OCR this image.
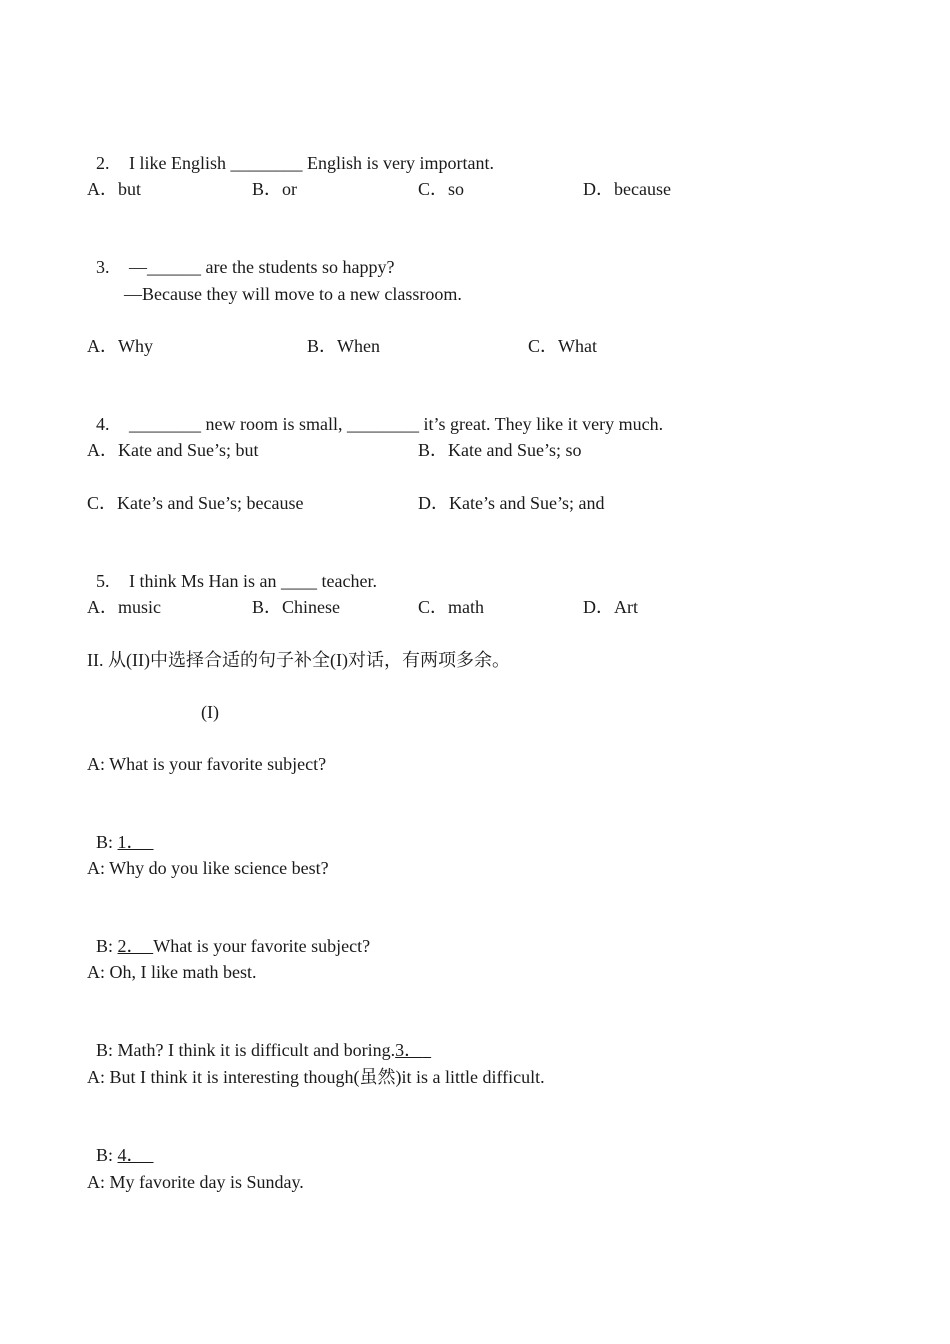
2. I like English ________ English is very important.

A．but	B．or	C．so	D．because

3. —______ are the students so happy?

—Because they will move to a new classroom.
A．Why	B．When	C．What

4. ________ new room is small, ________ it’s great. They like it very much.

A．Kate and Sue’s; but	B．Kate and Sue’s; so
C．Kate’s and Sue’s; because	D．Kate’s and Sue’s; and

5. I think Ms Han is an ____ teacher.

A．music	B．Chinese	C．math	D．Art
II. 从(II)中选择合适的句子补全(I)对话，有两项多余。
(I)
A: What is your favorite subject?

B: 1．

A: Why do you like science best?

B: 2． What is your favorite subject?

A: Oh, I like math best.

B: Math? I think it is difficult and boring.3．

A: But I think it is interesting though(虽然)it is a little difficult.

B: 4．

A: My favorite day is Sunday.
